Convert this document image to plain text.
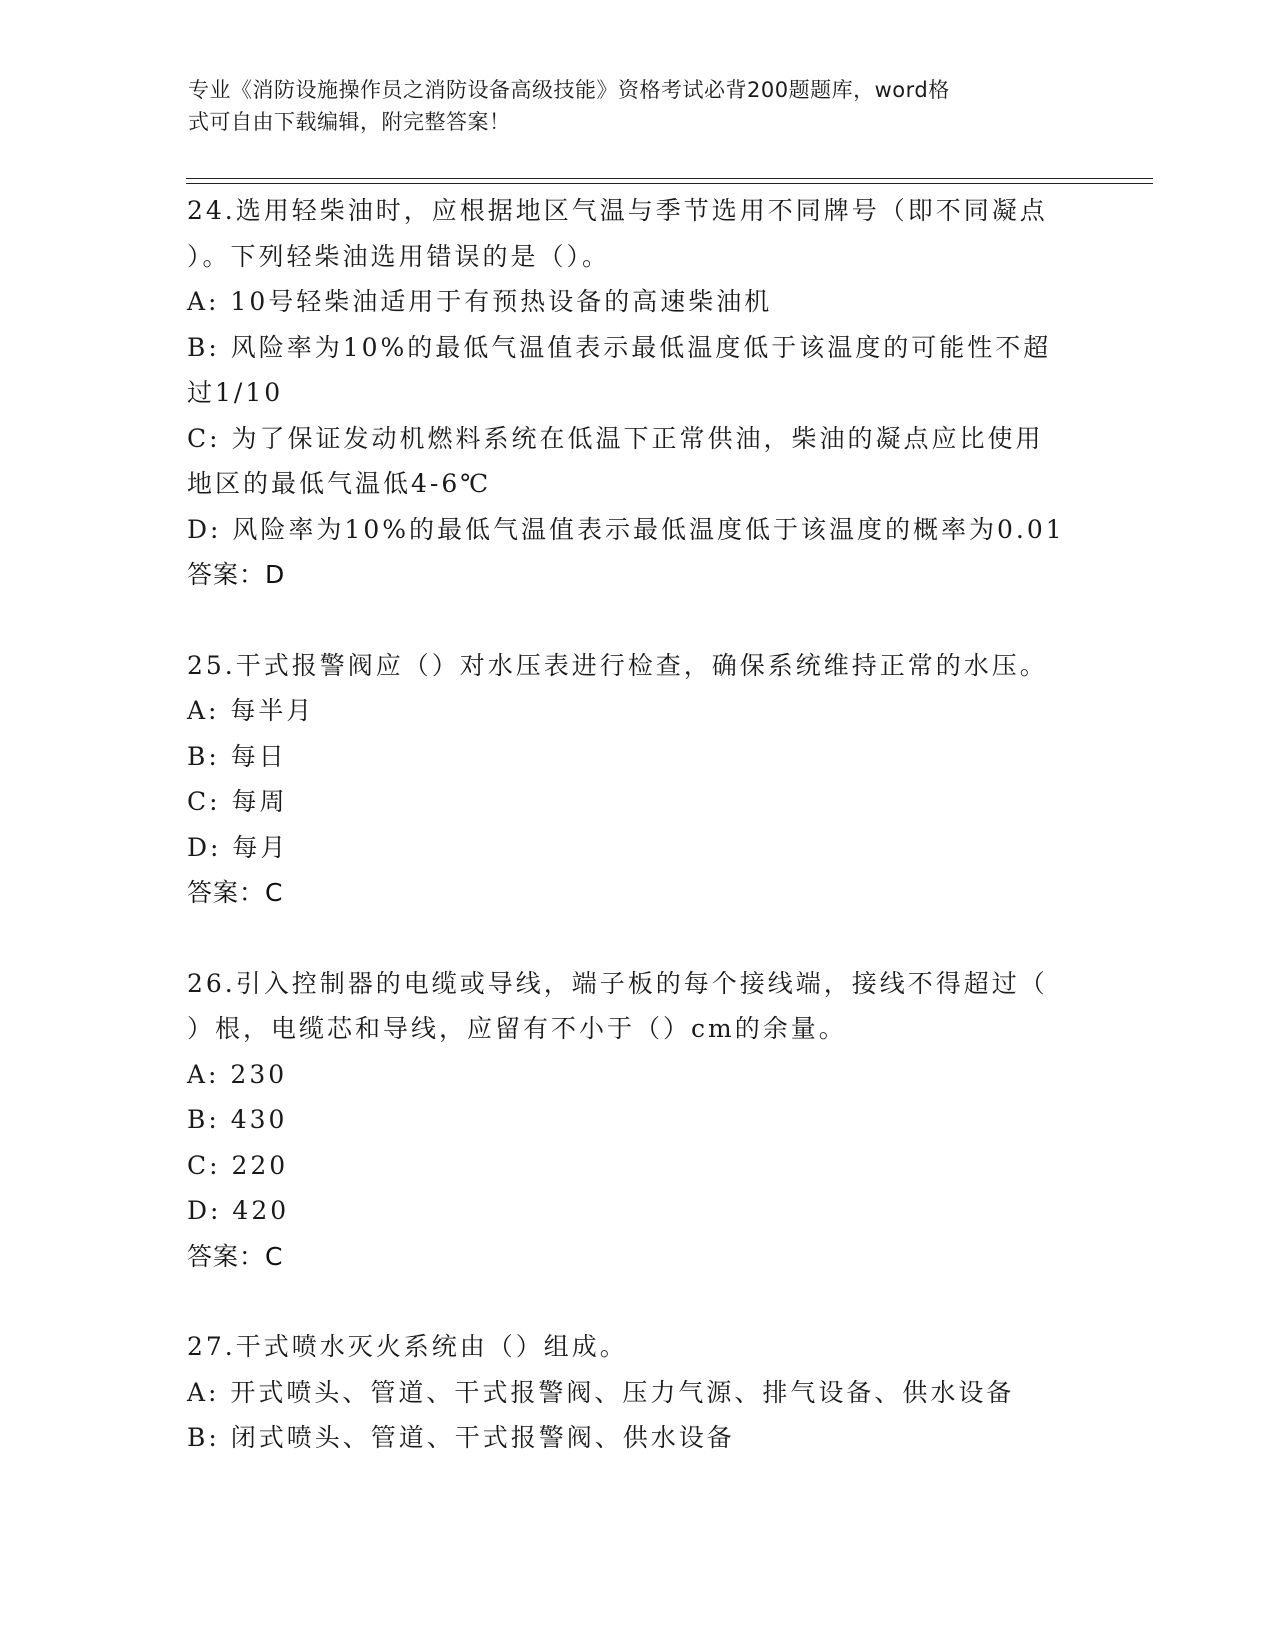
专业《消防设施操作员之消防设备高级技能》资格考试必背200题题库，word格
式可自由下载编辑，附完整答案！
24.选用轻柴油时，应根据地区气温与季节选用不同牌号（即不同凝点
）。下列轻柴油选用错误的是（）。
A: 10号轻柴油适用于有预热设备的高速柴油机
B: 风险率为10%的最低气温值表示最低温度低于该温度的可能性不超
过1/10
C: 为了保证发动机燃料系统在低温下正常供油，柴油的凝点应比使用
地区的最低气温低4-6℃
D: 风险率为10%的最低气温值表示最低温度低于该温度的概率为0.01
答案：D
25.干式报警阀应（）对水压表进行检查，确保系统维持正常的水压。
A: 每半月
B: 每日
C: 每周
D: 每月
答案：C
26.引入控制器的电缆或导线，端子板的每个接线端，接线不得超过（
）根，电缆芯和导线，应留有不小于（）cm的余量。
A: 230
B: 430
C: 220
D: 420
答案：C
27.干式喷水灭火系统由（）组成。
A: 开式喷头、管道、干式报警阀、压力气源、排气设备、供水设备
B: 闭式喷头、管道、干式报警阀、供水设备
